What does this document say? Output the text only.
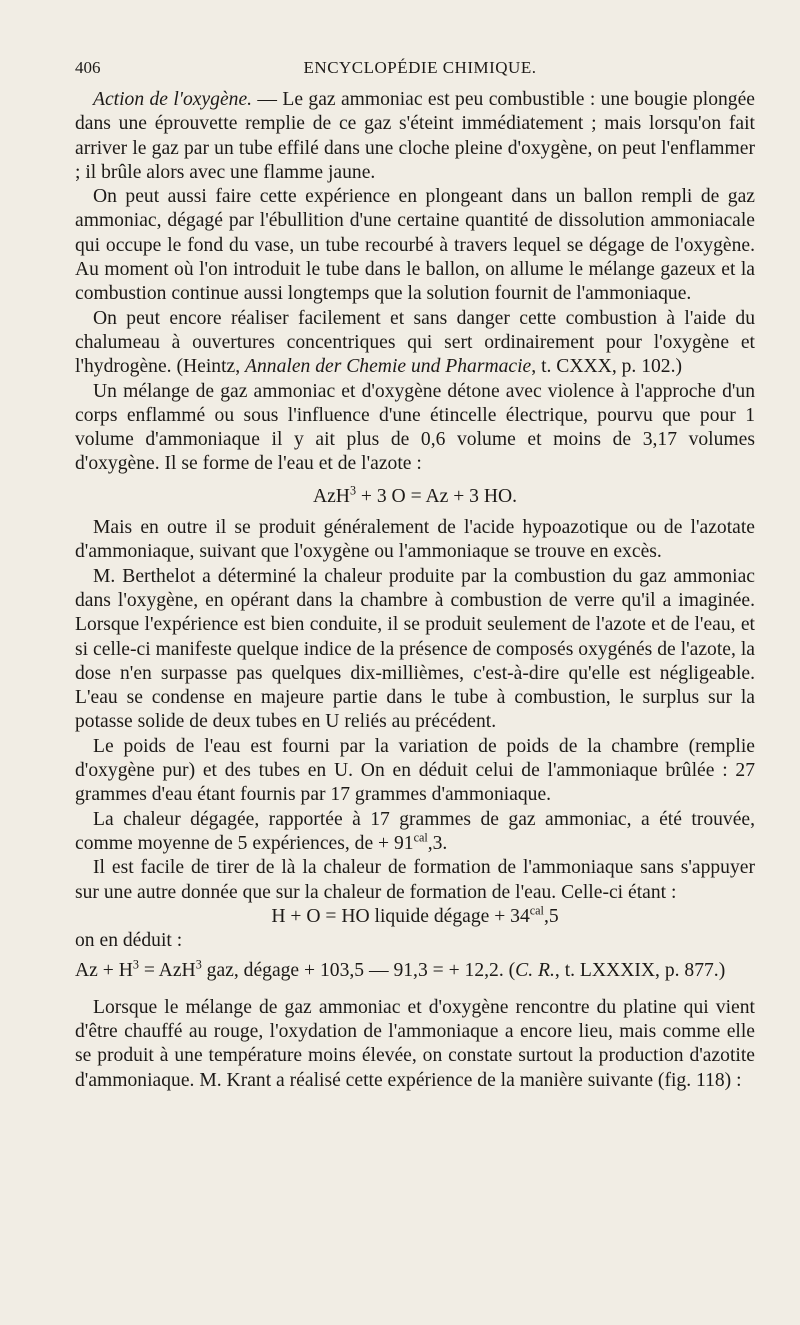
406	ENCYCLOPÉDIE CHIMIQUE.

Action de l'oxygène. — Le gaz ammoniac est peu combustible : une bougie plongée dans une éprouvette remplie de ce gaz s'éteint immédiatement ; mais lorsqu'on fait arriver le gaz par un tube effilé dans une cloche pleine d'oxygène, on peut l'enflammer ; il brûle alors avec une flamme jaune.

On peut aussi faire cette expérience en plongeant dans un ballon rempli de gaz ammoniac, dégagé par l'ébullition d'une certaine quantité de dissolution ammoniacale qui occupe le fond du vase, un tube recourbé à travers lequel se dégage de l'oxygène. Au moment où l'on introduit le tube dans le ballon, on allume le mélange gazeux et la combustion continue aussi longtemps que la solution fournit de l'ammoniaque.

On peut encore réaliser facilement et sans danger cette combustion à l'aide du chalumeau à ouvertures concentriques qui sert ordinairement pour l'oxygène et l'hydrogène. (Heintz, Annalen der Chemie und Pharmacie, t. CXXX, p. 102.)

Un mélange de gaz ammoniac et d'oxygène détone avec violence à l'approche d'un corps enflammé ou sous l'influence d'une étincelle électrique, pourvu que pour 1 volume d'ammoniaque il y ait plus de 0,6 volume et moins de 3,17 volumes d'oxygène. Il se forme de l'eau et de l'azote :

AzH$^3$ + 3 O = Az + 3 HO.

Mais en outre il se produit généralement de l'acide hypoazotique ou de l'azotate d'ammoniaque, suivant que l'oxygène ou l'ammoniaque se trouve en excès.

M. Berthelot a déterminé la chaleur produite par la combustion du gaz ammoniac dans l'oxygène, en opérant dans la chambre à combustion de verre qu'il a imaginée. Lorsque l'expérience est bien conduite, il se produit seulement de l'azote et de l'eau, et si celle-ci manifeste quelque indice de la présence de composés oxygénés de l'azote, la dose n'en surpasse pas quelques dix-millièmes, c'est-à-dire qu'elle est négligeable. L'eau se condense en majeure partie dans le tube à combustion, le surplus sur la potasse solide de deux tubes en U reliés au précédent.

Le poids de l'eau est fourni par la variation de poids de la chambre (remplie d'oxygène pur) et des tubes en U. On en déduit celui de l'ammoniaque brûlée : 27 grammes d'eau étant fournis par 17 grammes d'ammoniaque.

La chaleur dégagée, rapportée à 17 grammes de gaz ammoniac, a été trouvée, comme moyenne de 5 expériences, de + $91^{cal},3$.

Il est facile de tirer de là la chaleur de formation de l'ammoniaque sans s'appuyer sur une autre donnée que sur la chaleur de formation de l'eau. Celle-ci étant :

H + O = HO liquide dégage + $34^{cal},5$

on en déduit :

$Az + H^3 = AzH^3$ gaz, dégage + 103,5 — 91,3 = + 12,2. (C. R., t. LXXXIX, p. 877.)

Lorsque le mélange de gaz ammoniac et d'oxygène rencontre du platine qui vient d'être chauffé au rouge, l'oxydation de l'ammoniaque a encore lieu, mais comme elle se produit à une température moins élevée, on constate surtout la production d'azotite d'ammoniaque. M. Krant a réalisé cette expérience de la manière suivante (fig. 118) :
